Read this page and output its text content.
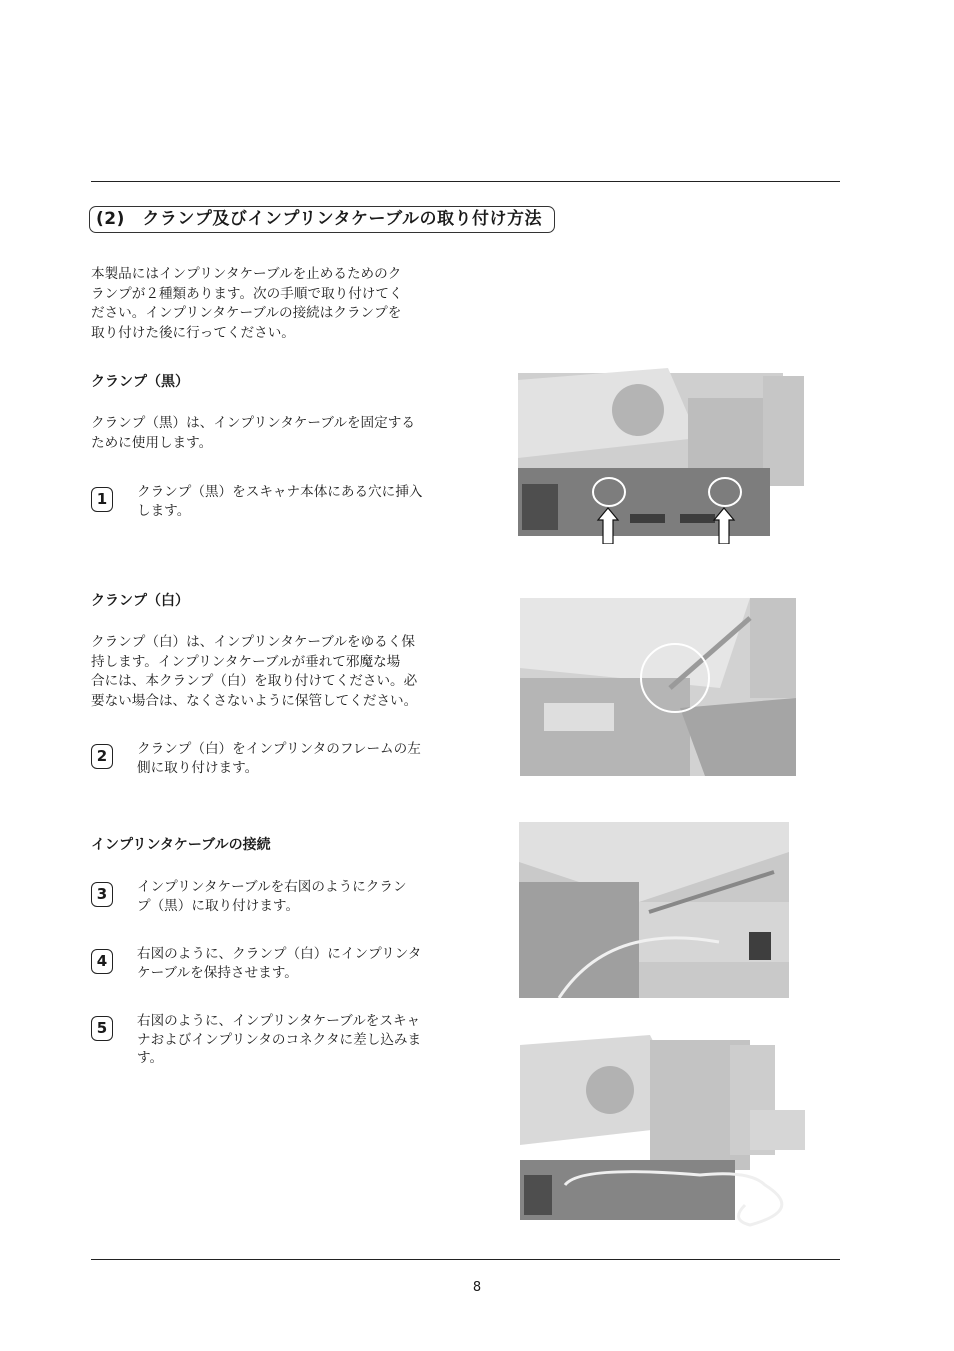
(2)　クランプ及びインプリンタケーブルの取り付け方法

本製品にはインプリンタケーブルを止めるためのク
ランプが２種類あります。次の手順で取り付けてく
ださい。インプリンタケーブルの接続はクランプを
取り付けた後に行ってください。

クランプ（黒）

クランプ（黒）は、インプリンタケーブルを固定する
ために使用します。

1	クランプ（黒）をスキャナ本体にある穴に挿入
します。
クランプ（白）

クランプ（白）は、インプリンタケーブルをゆるく保
持します。インプリンタケーブルが垂れて邪魔な場
合には、本クランプ（白）を取り付けてください。必
要ない場合は、なくさないように保管してください。

2	クランプ（白）をインプリンタのフレームの左
側に取り付けます。
インプリンタケーブルの接続
3	インプリンタケーブルを右図のようにクラン
プ（黒）に取り付けます。
4	右図のように、クランプ（白）にインプリンタ
ケーブルを保持させます。
5	右図のように、インプリンタケーブルをスキャ
ナおよびインプリンタのコネクタに差し込みま
す。
8
